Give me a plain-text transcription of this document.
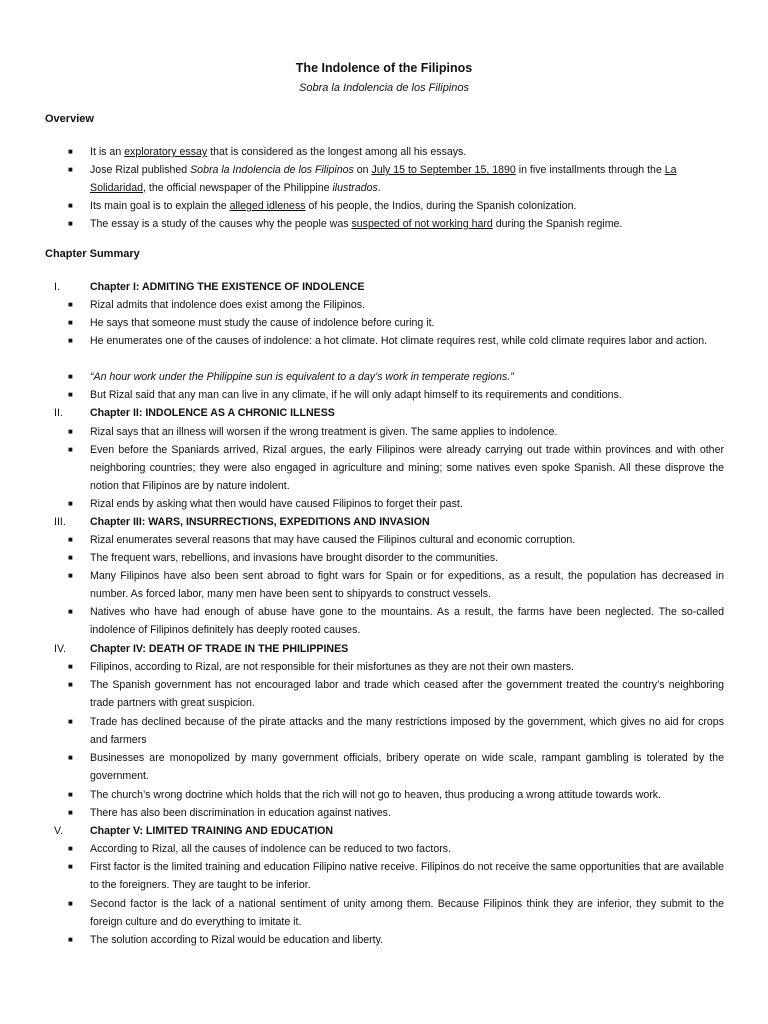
The Indolence of the Filipinos
Sobra la Indolencia de los Filipinos
Overview
■ It is an exploratory essay that is considered as the longest among all his essays.
■ Jose Rizal published Sobra la Indolencia de los Filipinos on July 15 to September 15, 1890 in five installments through the La
Solidaridad, the official newspaper of the Philippine ilustrados.
■ Its main goal is to explain the alleged idleness of his people, the Indios, during the Spanish colonization.
■ The essay is a study of the causes why the people was suspected of not working hard during the Spanish regime.
Chapter Summary
I.	Chapter I: ADMITING THE EXISTENCE OF INDOLENCE
■ Rizal admits that indolence does exist among the Filipinos.
■ He says that someone must study the cause of indolence before curing it.
■ He enumerates one of the causes of indolence: a hot climate. Hot climate requires rest, while cold climate requires labor and action.
■ “An hour work under the Philippine sun is equivalent to a day’s work in temperate regions.”
■ But Rizal said that any man can live in any climate, if he will only adapt himself to its requirements and conditions.
II.	Chapter II: INDOLENCE AS A CHRONIC ILLNESS
■ Rizal says that an illness will worsen if the wrong treatment is given. The same applies to indolence.
■ Even before the Spaniards arrived, Rizal argues, the early Filipinos were already carrying out trade within provinces and with other neighboring countries; they were also engaged in agriculture and mining; some natives even spoke Spanish. All these disprove the notion that Filipinos are by nature indolent.
■ Rizal ends by asking what then would have caused Filipinos to forget their past.
III.	Chapter III: WARS, INSURRECTIONS, EXPEDITIONS AND INVASION
■ Rizal enumerates several reasons that may have caused the Filipinos cultural and economic corruption.
■ The frequent wars, rebellions, and invasions have brought disorder to the communities.
■ Many Filipinos have also been sent abroad to fight wars for Spain or for expeditions, as a result, the population has decreased in number. As forced labor, many men have been sent to shipyards to construct vessels.
■ Natives who have had enough of abuse have gone to the mountains. As a result, the farms have been neglected. The so-called indolence of Filipinos definitely has deeply rooted causes.
IV.	Chapter IV: DEATH OF TRADE IN THE PHILIPPINES
■ Filipinos, according to Rizal, are not responsible for their misfortunes as they are not their own masters.
■ The Spanish government has not encouraged labor and trade which ceased after the government treated the country’s neighboring trade partners with great suspicion.
■ Trade has declined because of the pirate attacks and the many restrictions imposed by the government, which gives no aid for crops and farmers
■ Businesses are monopolized by many government officials, bribery operate on wide scale, rampant gambling is tolerated by the government.
■ The church’s wrong doctrine which holds that the rich will not go to heaven, thus producing a wrong attitude towards work.
■ There has also been discrimination in education against natives.
V.	Chapter V: LIMITED TRAINING AND EDUCATION
■ According to Rizal, all the causes of indolence can be reduced to two factors.
■ First factor is the limited training and education Filipino native receive. Filipinos do not receive the same opportunities that are available to the foreigners. They are taught to be inferior.
■ Second factor is the lack of a national sentiment of unity among them. Because Filipinos think they are inferior, they submit to the foreign culture and do everything to imitate it.
■ The solution according to Rizal would be education and liberty.
